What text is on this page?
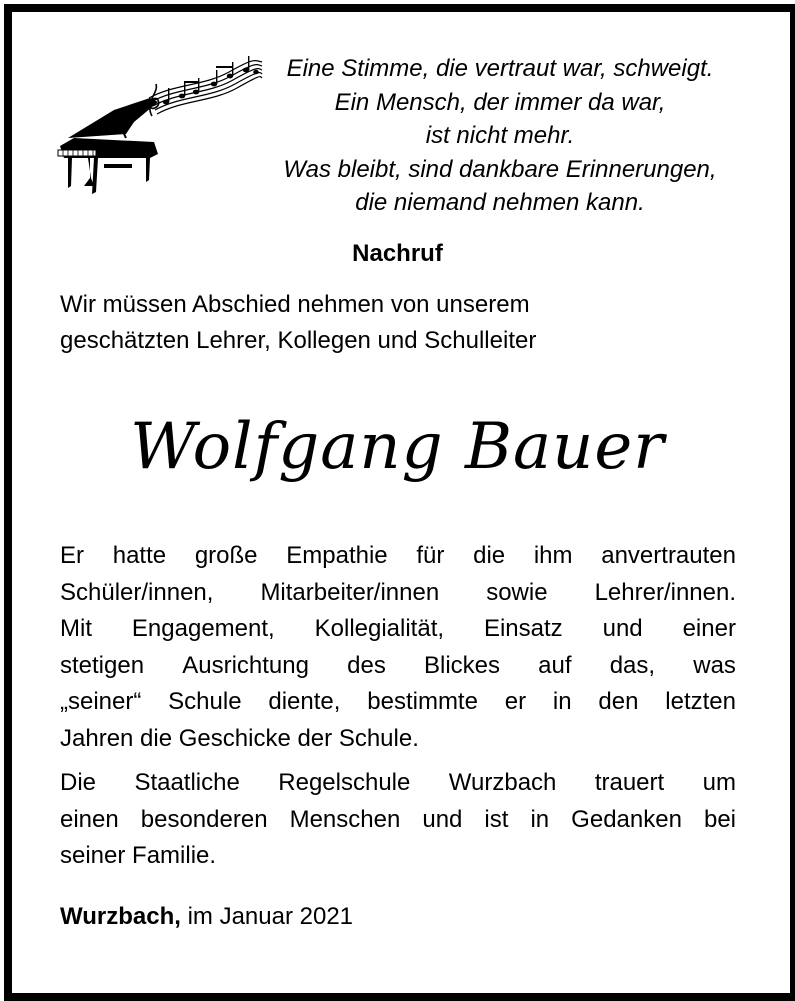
Eine Stimme, die vertraut war, schweigt.
Ein Mensch, der immer da war,
ist nicht mehr.
Was bleibt, sind dankbare Erinnerungen,
die niemand nehmen kann.
Nachruf
Wir müssen Abschied nehmen von unserem
geschätzten Lehrer, Kollegen und Schulleiter
Wolfgang Bauer
Er hatte große Empathie für die ihm anvertrauten
Schüler/innen, Mitarbeiter/innen sowie Lehrer/innen.
Mit Engagement, Kollegialität, Einsatz und einer
stetigen Ausrichtung des Blickes auf das, was
„seiner“ Schule diente, bestimmte er in den letzten
Jahren die Geschicke der Schule.
Die Staatliche Regelschule Wurzbach trauert um
einen besonderen Menschen und ist in Gedanken bei
seiner Familie.
Wurzbach, im Januar 2021
